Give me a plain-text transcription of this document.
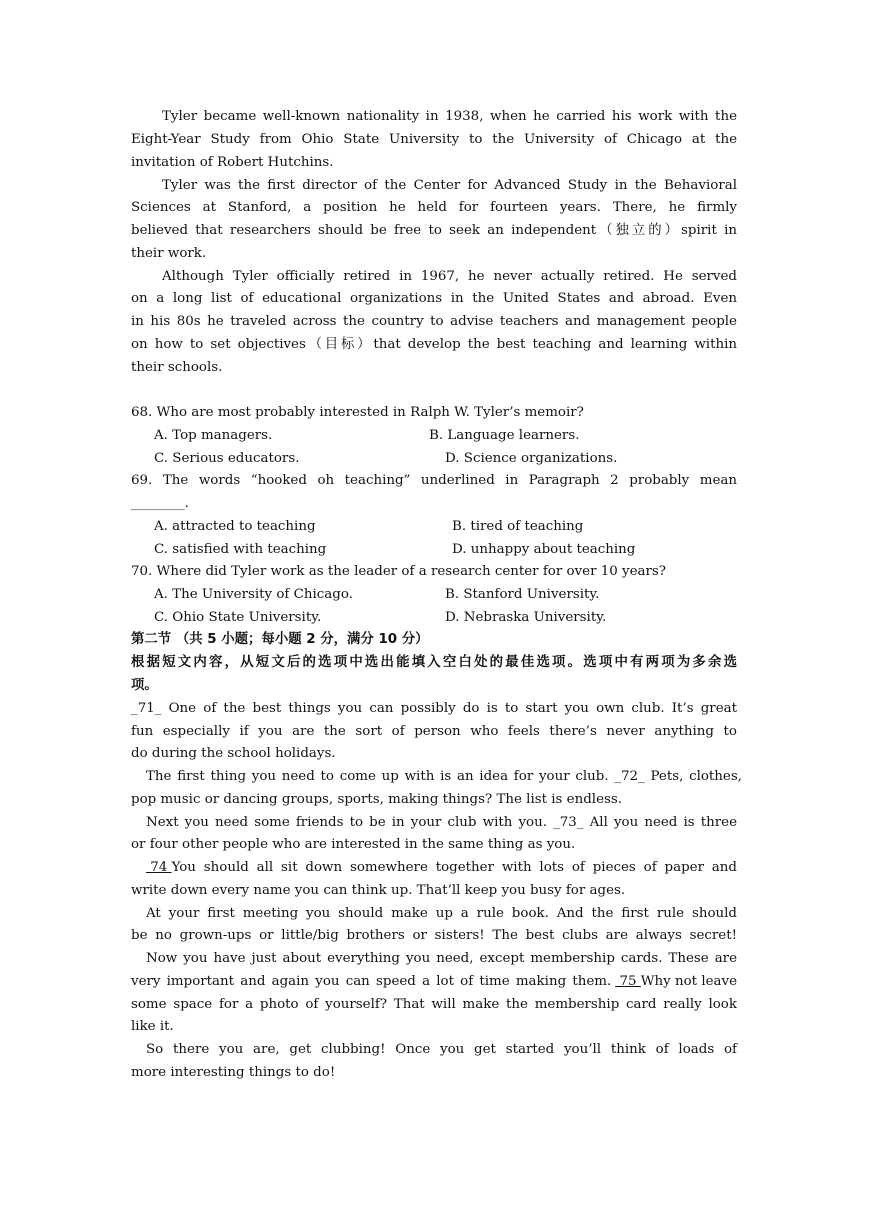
Tyler became well-known nationality in 1938, when he carried his work with the
Eight-Year Study from Ohio State University to the University of Chicago at the
invitation of Robert Hutchins.
Tyler was the first director of the Center for Advanced Study in the Behavioral
Sciences at Stanford, a position he held for fourteen years. There, he firmly
believed that researchers should be free to seek an independent（独立的）spirit in
their work.
Although Tyler officially retired in 1967, he never actually retired. He served
on a long list of educational organizations in the United States and abroad. Even
in his 80s he traveled across the country to advise teachers and management people
on how to set objectives（目标）that develop the best teaching and learning within
their schools.
68. Who are most probably interested in Ralph W. Tyler’s memoir?
A. Top managers.	B. Language learners.
C. Serious educators.	D. Science organizations.
69. The words “hooked oh teaching” underlined in Paragraph 2 probably mean
________.
A. attracted to teaching	B. tired of teaching
C. satisfied with teaching	D. unhappy about teaching
70. Where did Tyler work as the leader of a research center for over 10 years?
A. The University of Chicago.	B. Stanford University.
C. Ohio State University.	D. Nebraska University.
第二节 （共 5 小题；每小题 2 分，满分 10 分）
根据短文内容，从短文后的选项中选出能填入空白处的最佳选项。选项中有两项为多余选
项。
_71_ One of the best things you can possibly do is to start you own club. It’s great
fun especially if you are the sort of person who feels there’s never anything to
do during the school holidays.
The first thing you need to come up with is an idea for your club. _72_ Pets, clothes,
pop music or dancing groups, sports, making things? The list is endless.
Next you need some friends to be in your club with you. _73_ All you need is three
or four other people who are interested in the same thing as you.
74 You should all sit down somewhere together with lots of pieces of paper and
write down every name you can think up. That’ll keep you busy for ages.
At your first meeting you should make up a rule book. And the first rule should
be no grown-ups or little/big brothers or sisters! The best clubs are always secret!
Now you have just about everything you need, except membership cards. These are
very important and again you can speed a lot of time making them. 75 Why not leave
some space for a photo of yourself? That will make the membership card really look
like it.
So there you are, get clubbing! Once you get started you’ll think of loads of
more interesting things to do!
